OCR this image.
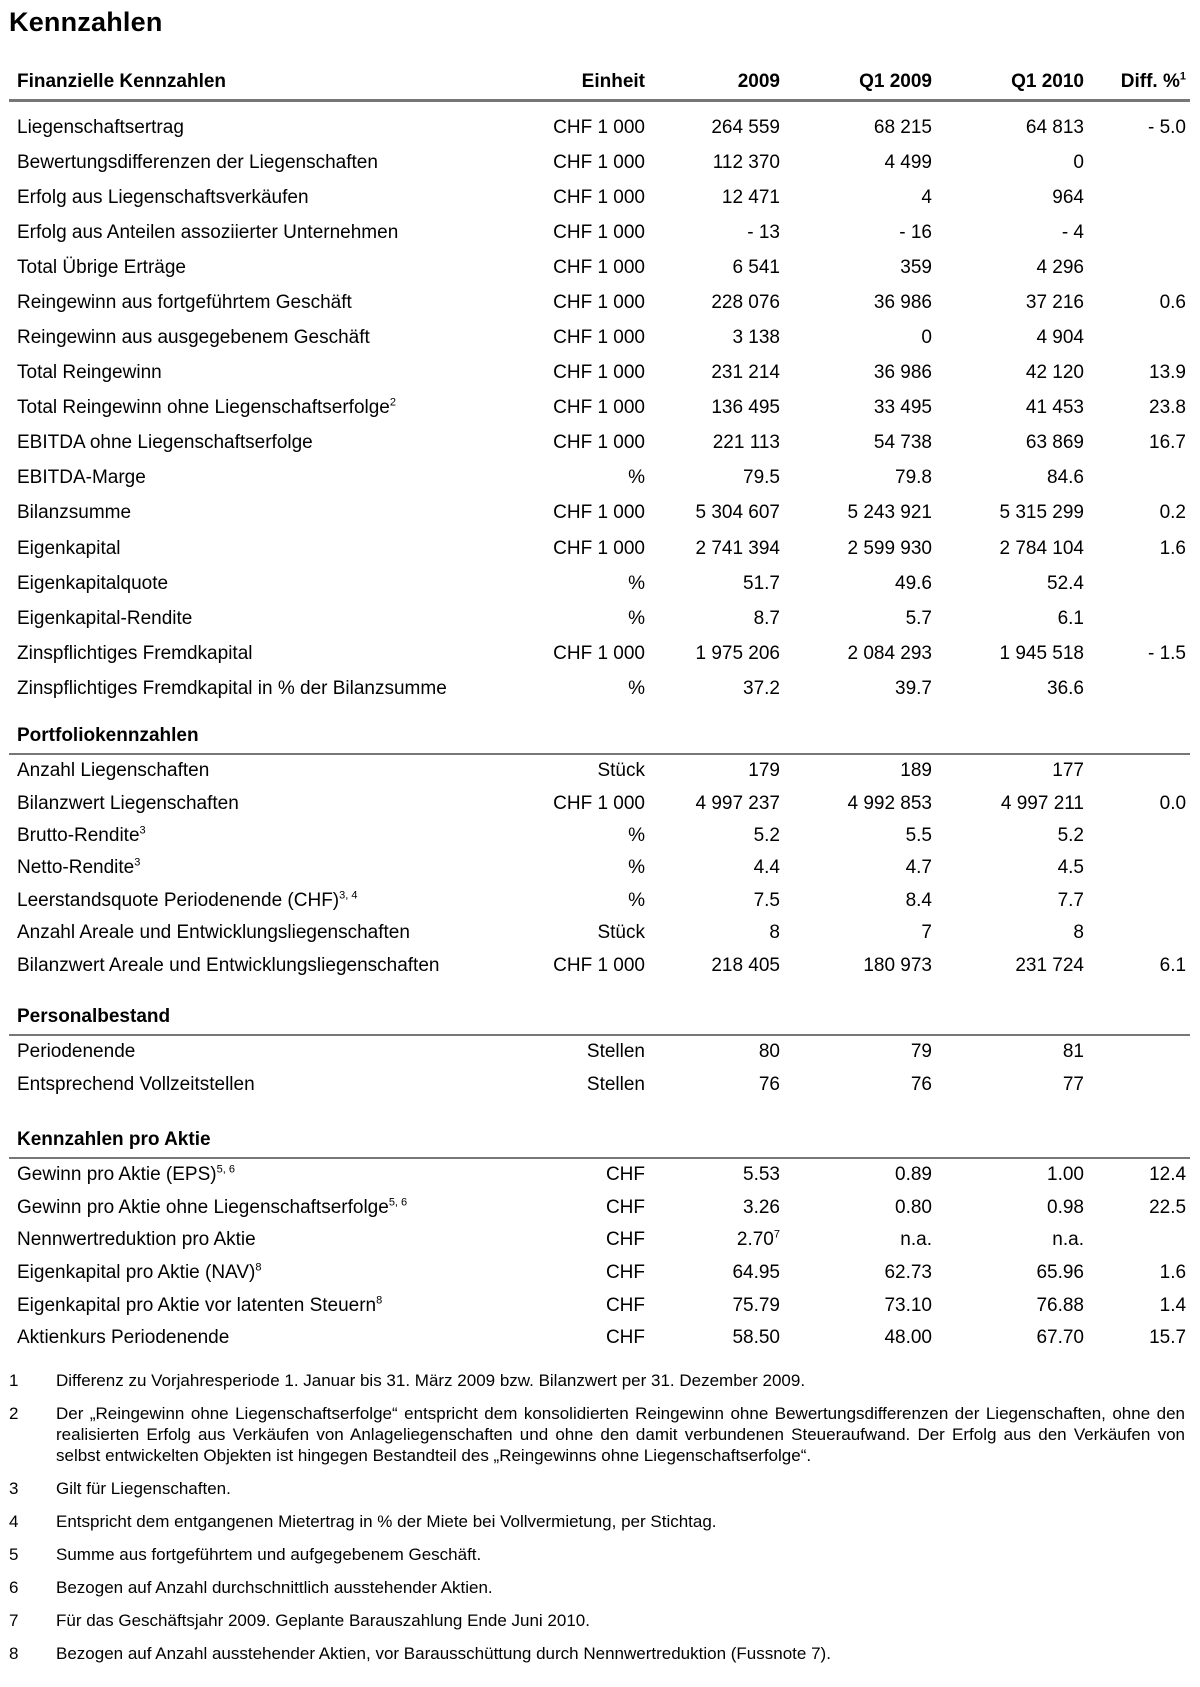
Kennzahlen
Finanzielle Kennzahlen	Einheit	2009	Q1 2009	Q1 2010	Diff. %$^1$
Liegenschaftsertrag	CHF 1 000	264 559	68 215	64 813	- 5.0
Bewertungsdifferenzen der Liegenschaften	CHF 1 000	112 370	4 499	0	
Erfolg aus Liegenschaftsverkäufen	CHF 1 000	12 471	4	964	
Erfolg aus Anteilen assoziierter Unternehmen	CHF 1 000	- 13	- 16	- 4	
Total Übrige Erträge	CHF 1 000	6 541	359	4 296	
Reingewinn aus fortgeführtem Geschäft	CHF 1 000	228 076	36 986	37 216	0.6
Reingewinn aus ausgegebenem Geschäft	CHF 1 000	3 138	0	4 904	
Total Reingewinn	CHF 1 000	231 214	36 986	42 120	13.9
Total Reingewinn ohne Liegenschaftserfolge$^2$	CHF 1 000	136 495	33 495	41 453	23.8
EBITDA ohne Liegenschaftserfolge	CHF 1 000	221 113	54 738	63 869	16.7
EBITDA-Marge	%	79.5	79.8	84.6	
Bilanzsumme	CHF 1 000	5 304 607	5 243 921	5 315 299	0.2
Eigenkapital	CHF 1 000	2 741 394	2 599 930	2 784 104	1.6
Eigenkapitalquote	%	51.7	49.6	52.4	
Eigenkapital-Rendite	%	8.7	5.7	6.1	
Zinspflichtiges Fremdkapital	CHF 1 000	1 975 206	2 084 293	1 945 518	- 1.5
Zinspflichtiges Fremdkapital in % der Bilanzsumme	%	37.2	39.7	36.6	
Portfoliokennzahlen					
Anzahl Liegenschaften	Stück	179	189	177	
Bilanzwert Liegenschaften	CHF 1 000	4 997 237	4 992 853	4 997 211	0.0
Brutto-Rendite$^3$	%	5.2	5.5	5.2	
Netto-Rendite$^3$	%	4.4	4.7	4.5	
Leerstandsquote Periodenende (CHF)$^{3, 4}$	%	7.5	8.4	7.7	
Anzahl Areale und Entwicklungsliegenschaften	Stück	8	7	8	
Bilanzwert Areale und Entwicklungsliegenschaften	CHF 1 000	218 405	180 973	231 724	6.1
Personalbestand					
Periodenende	Stellen	80	79	81	
Entsprechend Vollzeitstellen	Stellen	76	76	77	
Kennzahlen pro Aktie					
Gewinn pro Aktie (EPS)$^{5, 6}$	CHF	5.53	0.89	1.00	12.4
Gewinn pro Aktie ohne Liegenschaftserfolge$^{5, 6}$	CHF	3.26	0.80	0.98	22.5
Nennwertreduktion pro Aktie	CHF	2.70$^7$	n.a.	n.a.	
Eigenkapital pro Aktie (NAV)$^8$	CHF	64.95	62.73	65.96	1.6
Eigenkapital pro Aktie vor latenten Steuern$^8$	CHF	75.79	73.10	76.88	1.4
Aktienkurs Periodenende	CHF	58.50	48.00	67.70	15.7
1	Differenz zu Vorjahresperiode 1. Januar bis 31. März 2009 bzw. Bilanzwert per 31. Dezember 2009.
2	Der „Reingewinn ohne Liegenschaftserfolge“ entspricht dem konsolidierten Reingewinn ohne Bewertungsdifferenzen der Liegenschaften, ohne den realisierten Erfolg aus Verkäufen von Anlageliegenschaften und ohne den damit verbundenen Steueraufwand. Der Erfolg aus den Verkäufen von selbst entwickelten Objekten ist hingegen Bestandteil des „Reingewinns ohne Liegenschaftserfolge“.
3	Gilt für Liegenschaften.
4	Entspricht dem entgangenen Mietertrag in % der Miete bei Vollvermietung, per Stichtag.
5	Summe aus fortgeführtem und aufgegebenem Geschäft.
6	Bezogen auf Anzahl durchschnittlich ausstehender Aktien.
7	Für das Geschäftsjahr 2009. Geplante Barauszahlung Ende Juni 2010.
8	Bezogen auf Anzahl ausstehender Aktien, vor Barausschüttung durch Nennwertreduktion (Fussnote 7).
